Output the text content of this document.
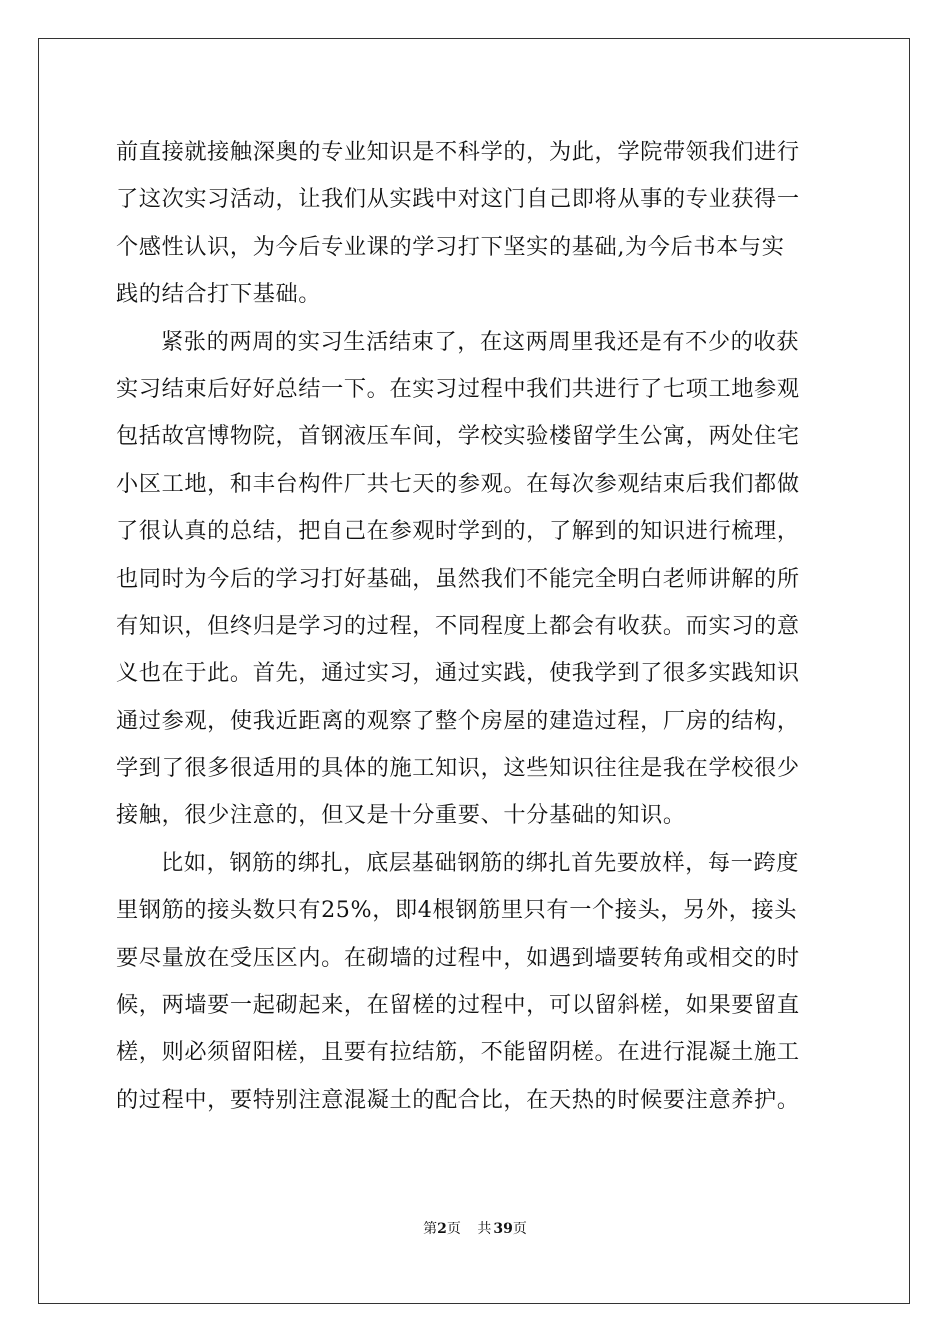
前直接就接触深奥的专业知识是不科学的，为此，学院带领我们进行
了这次实习活动，让我们从实践中对这门自己即将从事的专业获得一
个感性认识，为今后专业课的学习打下坚实的基础,为今后书本与实
践的结合打下基础。
紧张的两周的实习生活结束了，在这两周里我还是有不少的收获
实习结束后好好总结一下。在实习过程中我们共进行了七项工地参观
包括故宫博物院，首钢液压车间，学校实验楼留学生公寓，两处住宅
小区工地，和丰台构件厂共七天的参观。在每次参观结束后我们都做
了很认真的总结，把自己在参观时学到的，了解到的知识进行梳理，
也同时为今后的学习打好基础，虽然我们不能完全明白老师讲解的所
有知识，但终归是学习的过程，不同程度上都会有收获。而实习的意
义也在于此。首先，通过实习，通过实践，使我学到了很多实践知识
通过参观，使我近距离的观察了整个房屋的建造过程，厂房的结构，
学到了很多很适用的具体的施工知识，这些知识往往是我在学校很少
接触，很少注意的，但又是十分重要、十分基础的知识。
比如，钢筋的绑扎，底层基础钢筋的绑扎首先要放样，每一跨度
里钢筋的接头数只有25%，即4根钢筋里只有一个接头，另外，接头
要尽量放在受压区内。在砌墙的过程中，如遇到墙要转角或相交的时
候，两墙要一起砌起来，在留槎的过程中，可以留斜槎，如果要留直
槎，则必须留阳槎，且要有拉结筋，不能留阴槎。在进行混凝土施工
的过程中，要特别注意混凝土的配合比，在天热的时候要注意养护。
第2页 共 39页
